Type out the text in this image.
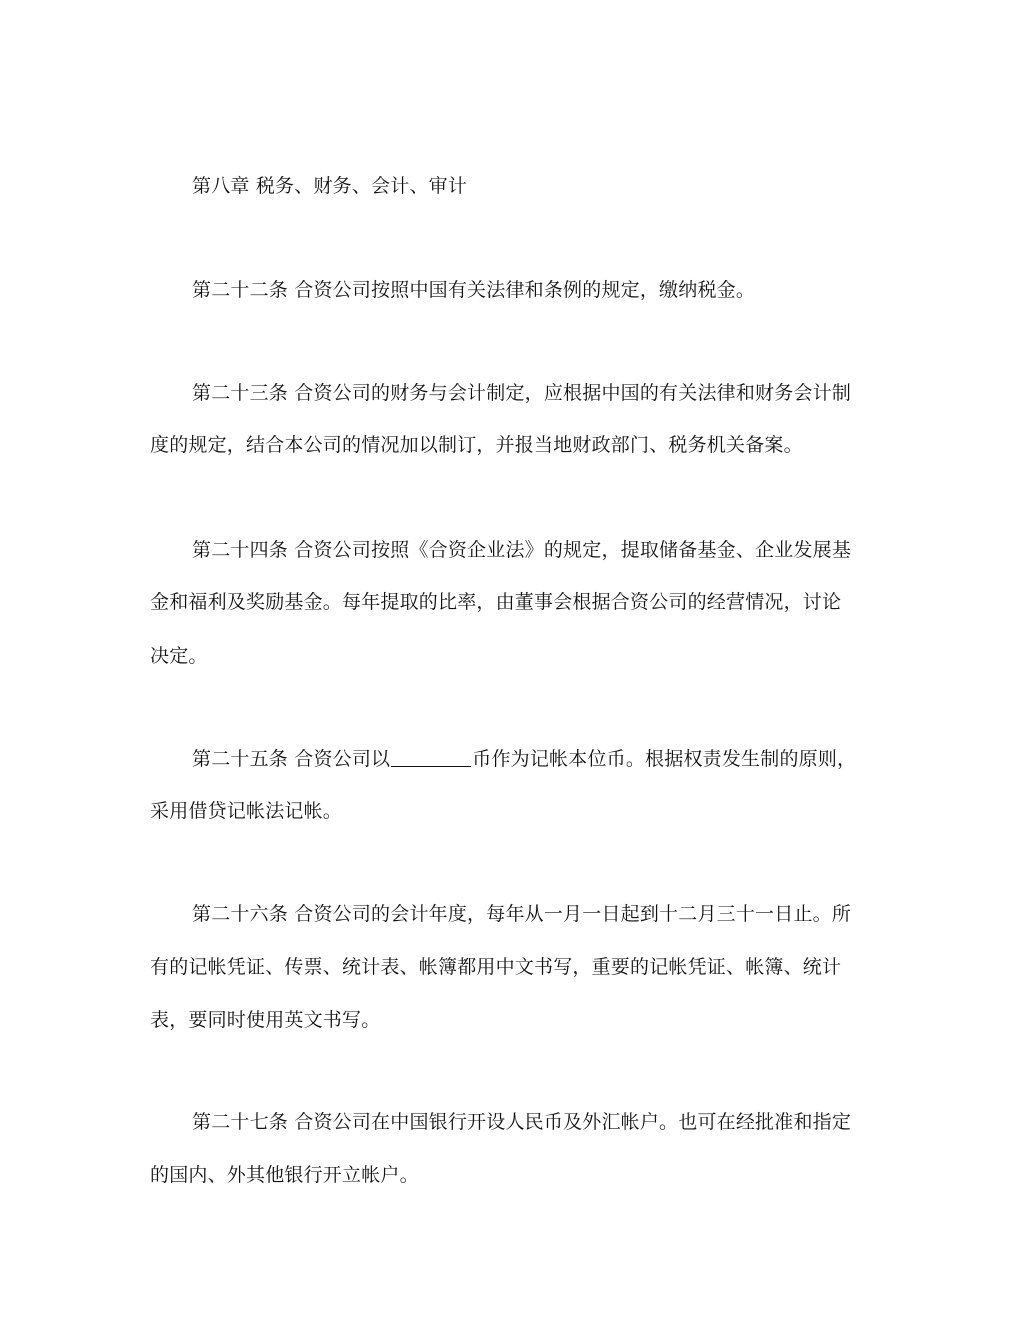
第八章 税务、财务、会计、审计
第二十二条 合资公司按照中国有关法律和条例的规定，缴纳税金。
第二十三条 合资公司的财务与会计制定，应根据中国的有关法律和财务会计制
度的规定，结合本公司的情况加以制订，并报当地财政部门、税务机关备案。
第二十四条 合资公司按照《合资企业法》的规定，提取储备基金、企业发展基
金和福利及奖励基金。每年提取的比率，由董事会根据合资公司的经营情况，讨论
决定。
第二十五条 合资公司以	币作为记帐本位币。根据权责发生制的原则，
采用借贷记帐法记帐。
第二十六条 合资公司的会计年度，每年从一月一日起到十二月三十一日止。所
有的记帐凭证、传票、统计表、帐簿都用中文书写，重要的记帐凭证、帐簿、统计
表，要同时使用英文书写。
第二十七条 合资公司在中国银行开设人民币及外汇帐户。也可在经批准和指定
的国内、外其他银行开立帐户。
